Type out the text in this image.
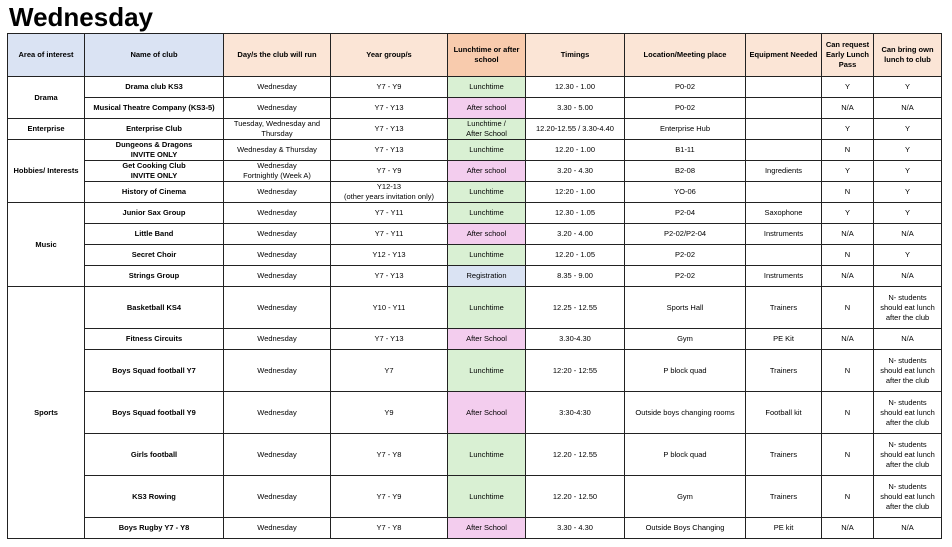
Wednesday
Area of interest	Name of club	Day/s the club will run	Year group/s	Lunchtime or after school	Timings	Location/Meeting place	Equipment Needed	Can request Early Lunch Pass	Can bring own lunch to club
Drama	Drama club KS3	Wednesday	Y7 - Y9	Lunchtime	12.30 - 1.00	P0-02		Y	Y
	Musical Theatre Company (KS3-5)	Wednesday	Y7 - Y13	After school	3.30 - 5.00	P0-02		N/A	N/A
Enterprise	Enterprise Club	Tuesday, Wednesday and
Thursday	Y7 - Y13	Lunchtime /
After School	12.20-12.55 / 3.30-4.40	Enterprise Hub		Y	Y
Hobbies/ Interests	Dungeons & Dragons
INVITE ONLY	Wednesday & Thursday	Y7 - Y13	Lunchtime	12.20 - 1.00	B1-11		N	Y
	Get Cooking Club
INVITE ONLY	Wednesday
Fortnightly (Week A)	Y7 - Y9	After school	3.20 - 4.30	B2-08	Ingredients	Y	Y
	History of Cinema	Wednesday	Y12-13
(other years invitation only)	Lunchtime	12:20 - 1.00	YO-06		N	Y
Music	Junior Sax Group	Wednesday	Y7 - Y11	Lunchtime	12.30 - 1.05	P2-04	Saxophone	Y	Y
	Little Band	Wednesday	Y7 - Y11	After school	3.20 - 4.00	P2-02/P2-04	Instruments	N/A	N/A
	Secret Choir	Wednesday	Y12 - Y13	Lunchtime	12.20 - 1.05	P2-02		N	Y
	Strings Group	Wednesday	Y7 - Y13	Registration	8.35 - 9.00	P2-02	Instruments	N/A	N/A
Sports	Basketball KS4	Wednesday	Y10 - Y11	Lunchtime	12.25 - 12.55	Sports Hall	Trainers	N	N- students
should eat lunch
after the club
	Fitness Circuits	Wednesday	Y7 - Y13	After School	3.30-4.30	Gym	PE Kit	N/A	N/A
	Boys Squad football Y7	Wednesday	Y7	Lunchtime	12:20 - 12:55	P block quad	Trainers	N	N- students
should eat lunch
after the club
	Boys Squad football Y9	Wednesday	Y9	After School	3:30-4:30	Outside boys changing rooms	Football kit	N	N- students
should eat lunch
after the club
	Girls football	Wednesday	Y7 - Y8	Lunchtime	12.20 - 12.55	P block quad	Trainers	N	N- students
should eat lunch
after the club
	KS3 Rowing	Wednesday	Y7 - Y9	Lunchtime	12.20 - 12.50	Gym	Trainers	N	N- students
should eat lunch
after the club
	Boys Rugby Y7 - Y8	Wednesday	Y7 - Y8	After School	3.30 - 4.30	Outside Boys Changing	PE kit	N/A	N/A
